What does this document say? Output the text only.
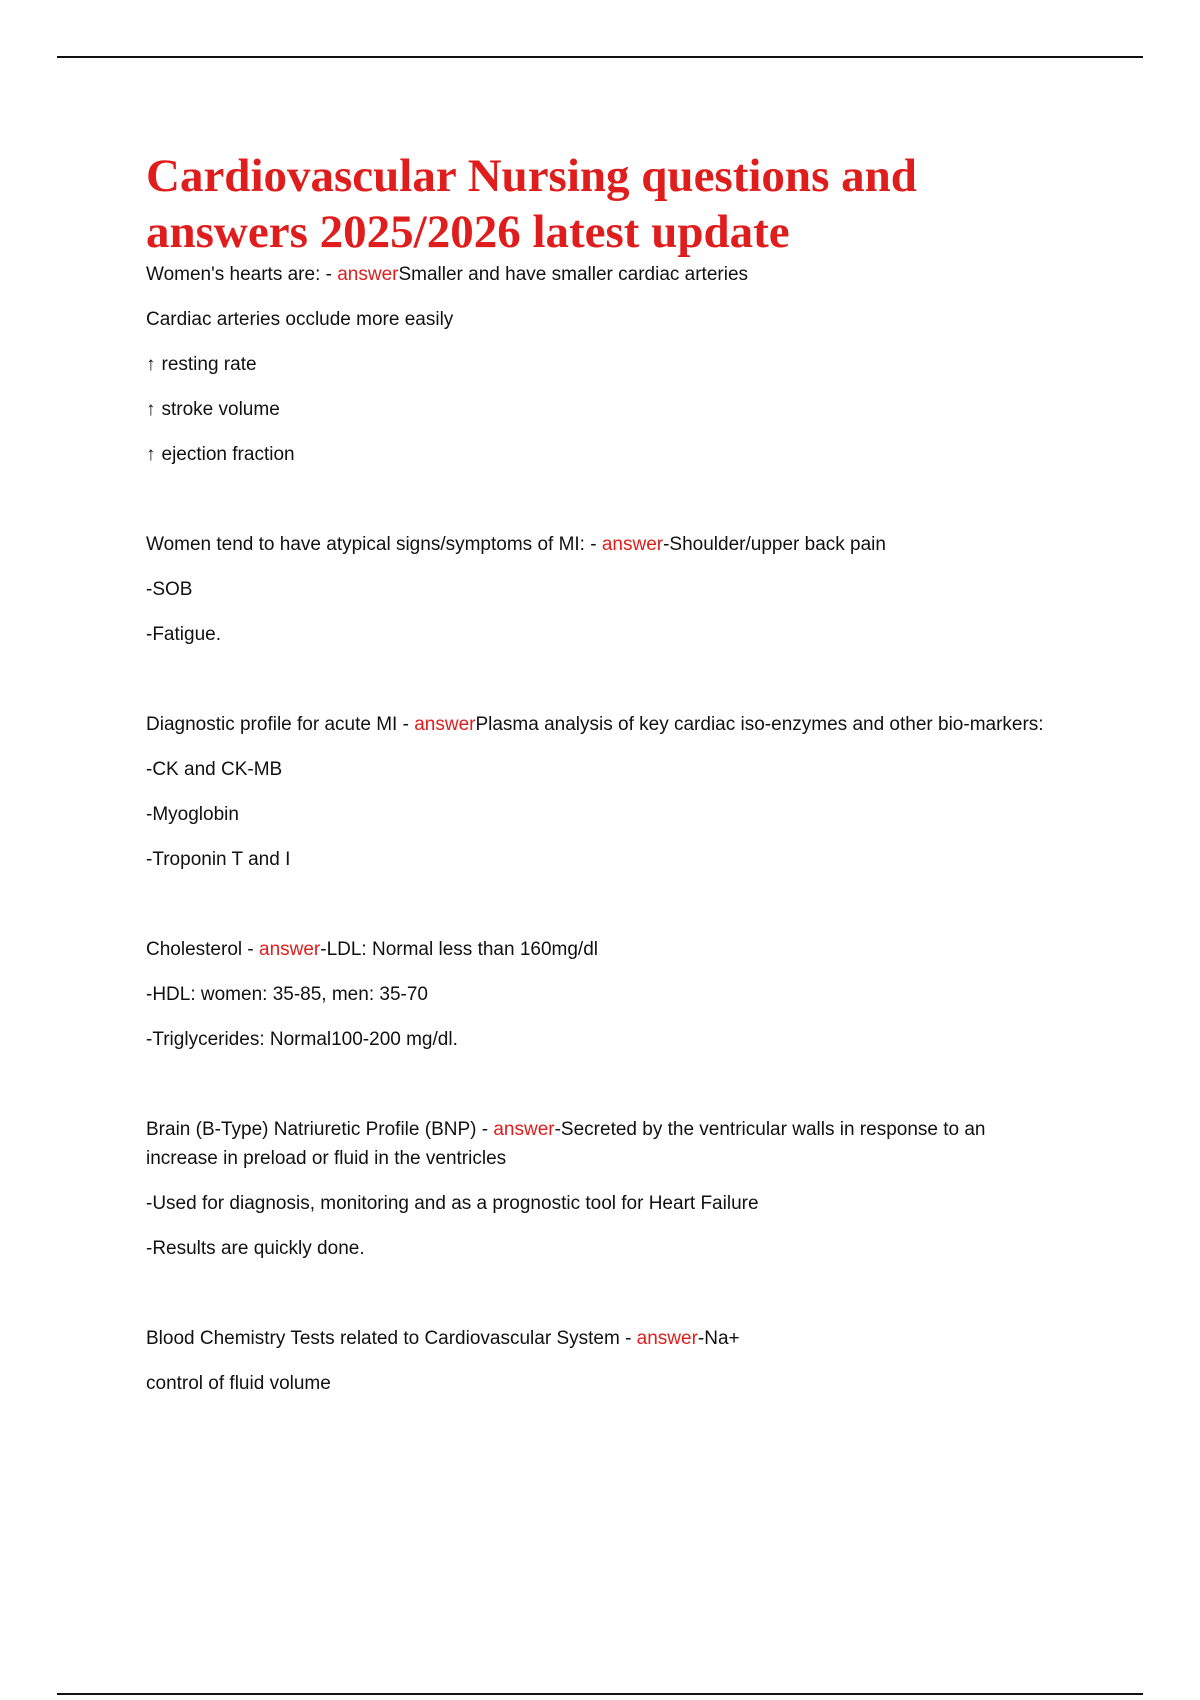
Cardiovascular Nursing questions and answers 2025/2026 latest update

Women's hearts are: - answerSmaller and have smaller cardiac arteries

Cardiac arteries occlude more easily

↑ resting rate

↑ stroke volume

↑ ejection fraction

Women tend to have atypical signs/symptoms of MI: - answer-Shoulder/upper back pain

-SOB

-Fatigue.

Diagnostic profile for acute MI - answerPlasma analysis of key cardiac iso-enzymes and other bio-markers:

-CK and CK-MB

-Myoglobin

-Troponin T and I

Cholesterol - answer-LDL: Normal less than 160mg/dl

-HDL: women: 35-85, men: 35-70

-Triglycerides: Normal100-200 mg/dl.

Brain (B-Type) Natriuretic Profile (BNP) - answer-Secreted by the ventricular walls in response to an increase in preload or fluid in the ventricles

-Used for diagnosis, monitoring and as a prognostic tool for Heart Failure

-Results are quickly done.

Blood Chemistry Tests related to Cardiovascular System - answer-Na+

control of fluid volume
